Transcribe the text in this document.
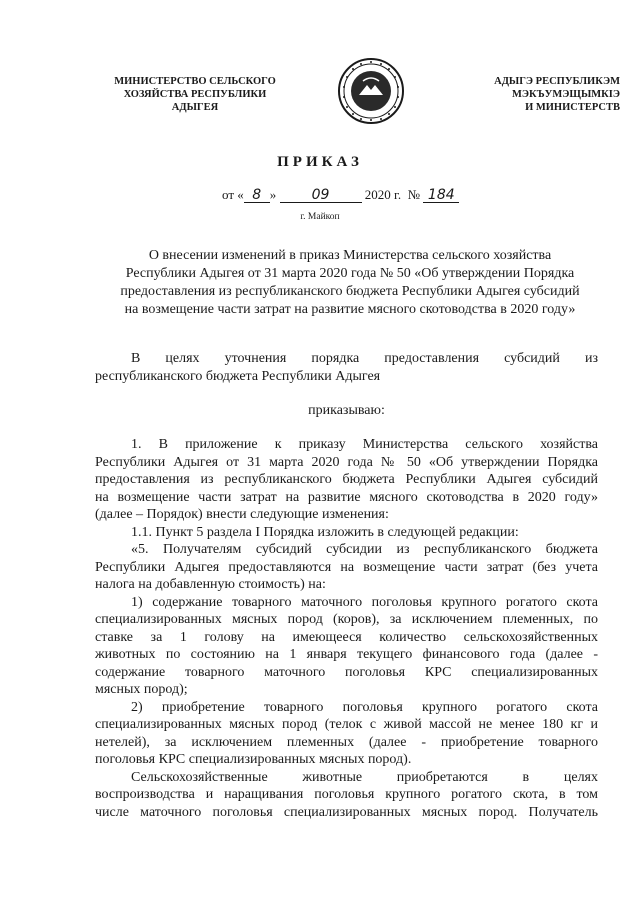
МИНИСТЕРСТВО СЕЛЬСКОГО
ХОЗЯЙСТВА РЕСПУБЛИКИ
АДЫГЕЯ
АДЫГЭ РЕСПУБЛИКЭМ
МЭКЪУМЭЩЫМКIЭ
И МИНИСТЕРСТВ
ПРИКАЗ
от « 8 »	09	2020 г. № 184
г. Майкоп
О внесении изменений в приказ Министерства сельского хозяйства
Республики Адыгея от 31 марта 2020 года № 50 «Об утверждении Порядка
предоставления из республиканского бюджета Республики Адыгея субсидий
на возмещение части затрат на развитие мясного скотоводства в 2020 году»
В целях уточнения порядка предоставления субсидий из
республиканского бюджета Республики Адыгея
приказываю:
1. В приложение к приказу Министерства сельского хозяйства
Республики Адыгея от 31 марта 2020 года № 50 «Об утверждении Порядка
предоставления из республиканского бюджета Республики Адыгея субсидий
на возмещение части затрат на развитие мясного скотоводства в 2020 году»
(далее – Порядок) внести следующие изменения:
1.1. Пункт 5 раздела I Порядка изложить в следующей редакции:
«5. Получателям субсидий субсидии из республиканского бюджета
Республики Адыгея предоставляются на возмещение части затрат (без учета
налога на добавленную стоимость) на:
1) содержание товарного маточного поголовья крупного рогатого скота
специализированных мясных пород (коров), за исключением племенных, по
ставке за 1 голову на имеющееся количество сельскохозяйственных
животных по состоянию на 1 января текущего финансового года (далее -
содержание товарного маточного поголовья КРС специализированных
мясных пород);
2) приобретение товарного поголовья крупного рогатого скота
специализированных мясных пород (телок с живой массой не менее 180 кг и
нетелей), за исключением племенных (далее - приобретение товарного
поголовья КРС специализированных мясных пород).
Сельскохозяйственные животные приобретаются в целях
воспроизводства и наращивания поголовья крупного рогатого скота, в том
числе маточного поголовья специализированных мясных пород. Получатель
